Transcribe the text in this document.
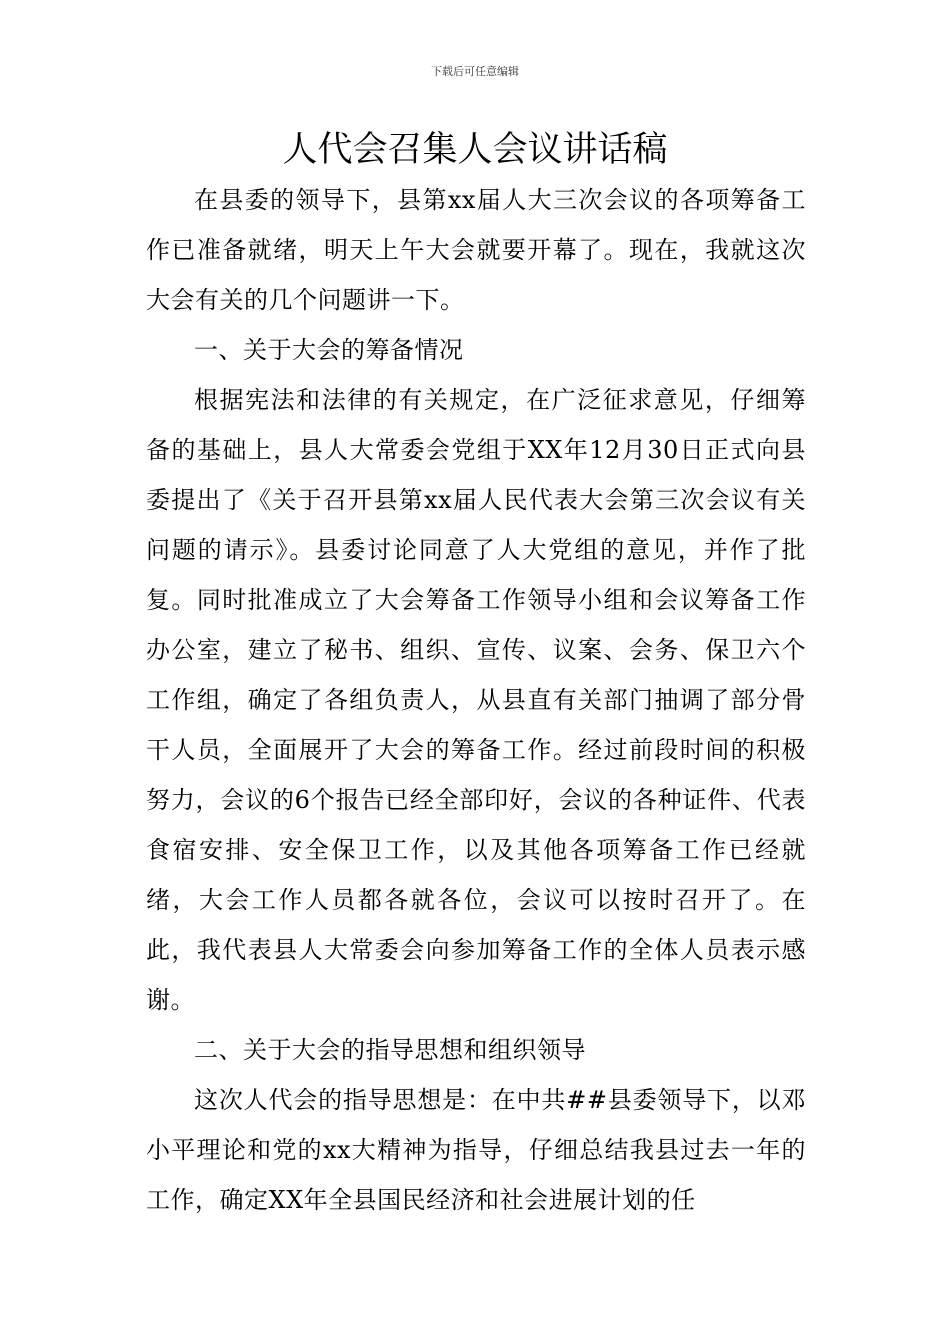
下载后可任意编辑
人代会召集人会议讲话稿

在县委的领导下，县第xx届人大三次会议的各项筹备工作已准备就绪，明天上午大会就要开幕了。现在，我就这次大会有关的几个问题讲一下。

一、关于大会的筹备情况

根据宪法和法律的有关规定，在广泛征求意见，仔细筹备的基础上，县人大常委会党组于XX年12月30日正式向县委提出了《关于召开县第xx届人民代表大会第三次会议有关问题的请示》。县委讨论同意了人大党组的意见，并作了批复。同时批准成立了大会筹备工作领导小组和会议筹备工作办公室，建立了秘书、组织、宣传、议案、会务、保卫六个工作组，确定了各组负责人，从县直有关部门抽调了部分骨干人员，全面展开了大会的筹备工作。经过前段时间的积极努力，会议的6个报告已经全部印好，会议的各种证件、代表食宿安排、安全保卫工作，以及其他各项筹备工作已经就绪，大会工作人员都各就各位，会议可以按时召开了。在此，我代表县人大常委会向参加筹备工作的全体人员表示感谢。

二、关于大会的指导思想和组织领导

这次人代会的指导思想是：在中共##县委领导下，以邓小平理论和党的xx大精神为指导，仔细总结我县过去一年的工作，确定XX年全县国民经济和社会进展计划的任
